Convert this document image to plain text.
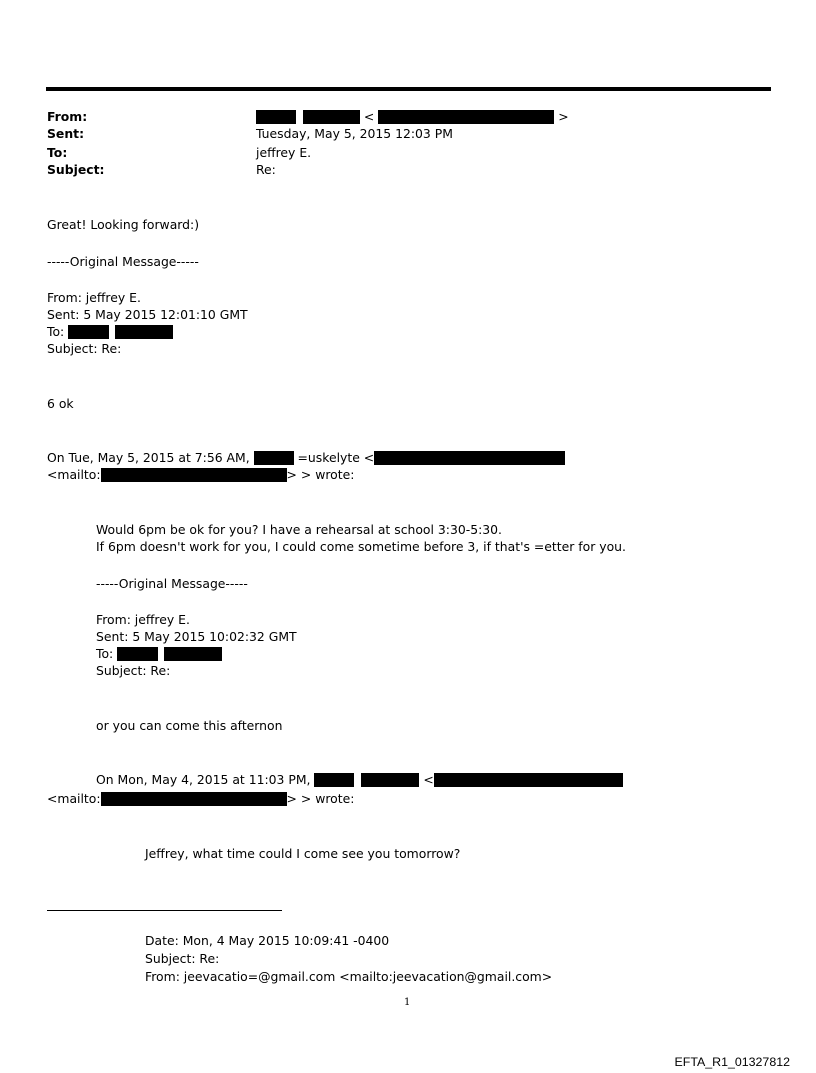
From:	<	>
Sent:	Tuesday, May 5, 2015 12:03 PM
To:	jeffrey E.
Subject:	Re:
Great! Looking forward:)
-----Original Message-----
From: jeffrey E.
Sent: 5 May 2015 12:01:10 GMT
To:
Subject: Re:
6 ok
On Tue, May 5, 2015 at 7:56 AM,	=uskelyte <
<mailto:	> > wrote:
Would 6pm be ok for you? I have a rehearsal at school 3:30-5:30.
If 6pm doesn't work for you, I could come sometime before 3, if that's =etter for you.
-----Original Message-----
From: jeffrey E.
Sent: 5 May 2015 10:02:32 GMT
To:
Subject: Re:
or you can come this afternon
On Mon, May 4, 2015 at 11:03 PM,	<
<mailto:	> > wrote:
Jeffrey, what time could I come see you tomorrow?
Date: Mon, 4 May 2015 10:09:41 -0400
Subject: Re:
From: jeevacatio=@gmail.com <mailto:jeevacation@gmail.com>
1
EFTA_R1_01327812
